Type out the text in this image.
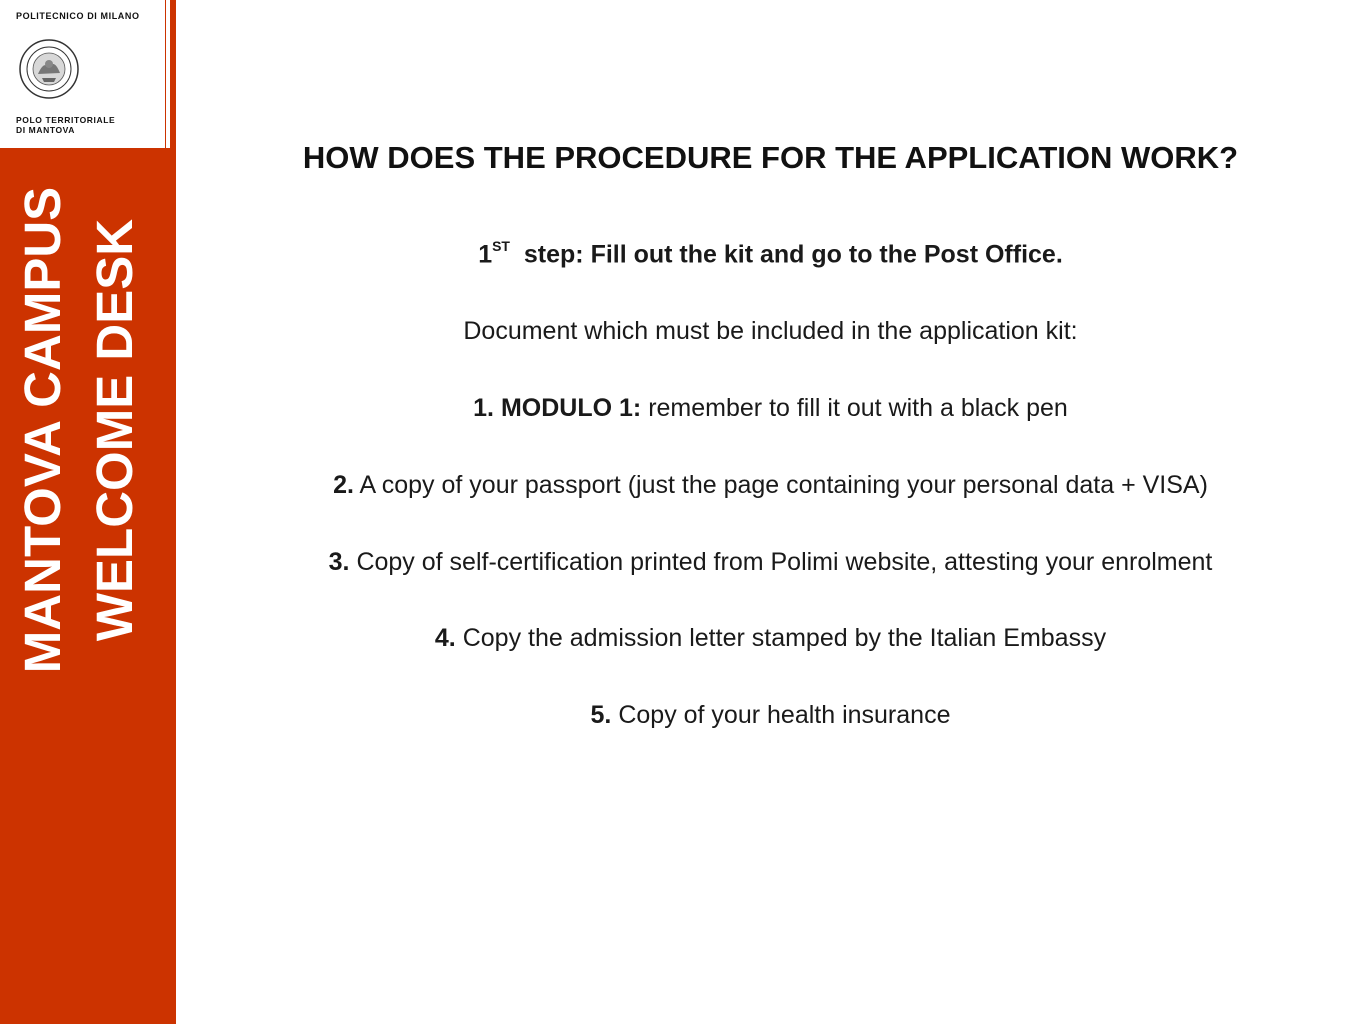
POLITECNICO DI MILANO
POLO TERRITORIALE
DI MANTOVA
MANTOVA CAMPUS WELCOME DESK
HOW DOES THE PROCEDURE FOR THE APPLICATION WORK?
1ST step: Fill out the kit and go to the Post Office.
Document which must be included in the application kit:
1. MODULO 1: remember to fill it out with a black pen
2. A copy of your passport (just the page containing your personal data + VISA)
3. Copy of self-certification printed from Polimi website, attesting your enrolment
4. Copy the admission letter stamped by the Italian Embassy
5. Copy of your health insurance
